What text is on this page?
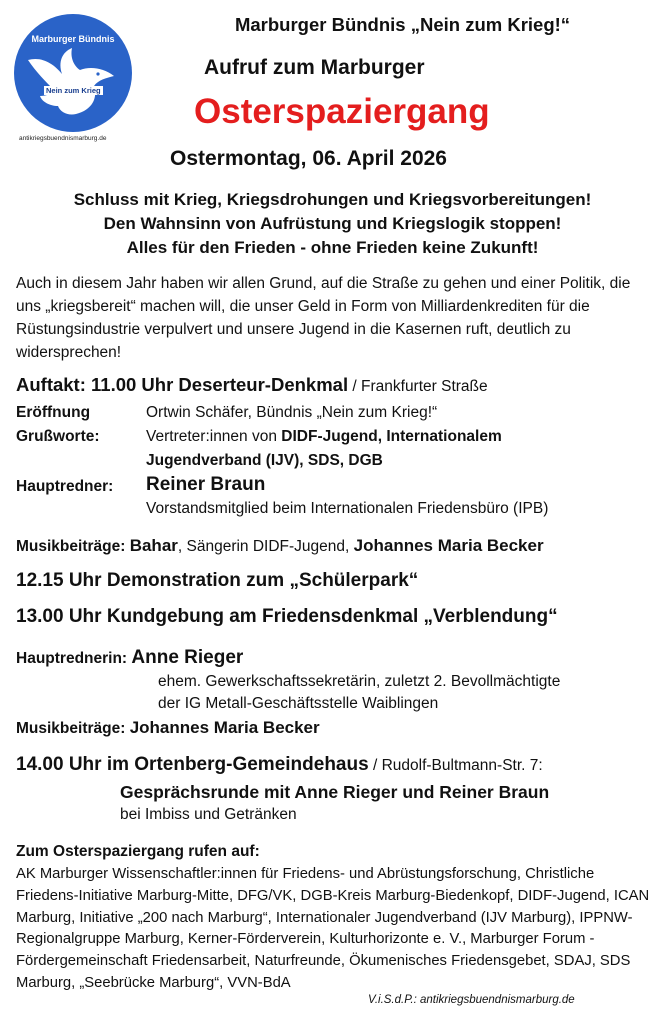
Marburger Bündnis
Nein zum Krieg
antikriegsbuendnismarburg.de
Marburger Bündnis „Nein zum Krieg!“
Aufruf zum Marburger
Osterspaziergang
Ostermontag, 06. April 2026
Schluss mit Krieg, Kriegsdrohungen und Kriegsvorbereitungen!
Den Wahnsinn von Aufrüstung und Kriegslogik stoppen!
Alles für den Frieden - ohne Frieden keine Zukunft!
Auch in diesem Jahr haben wir allen Grund, auf die Straße zu gehen und einer Politik, die uns „kriegsbereit“ machen will, die unser Geld in Form von Milliardenkrediten für die Rüstungsindustrie verpulvert und unsere Jugend in die Kasernen ruft, deutlich zu widersprechen!
Auftakt: 11.00 Uhr Deserteur-Denkmal / Frankfurter Straße
Eröffnung	Ortwin Schäfer, Bündnis „Nein zum Krieg!“
Grußworte:	Vertreter:innen von DIDF-Jugend, Internationalem
Jugendverband (IJV), SDS, DGB
Hauptredner: Reiner Braun
Vorstandsmitglied beim Internationalen Friedensbüro (IPB)
Musikbeiträge: Bahar, Sängerin DIDF-Jugend, Johannes Maria Becker
12.15 Uhr Demonstration zum „Schülerpark“
13.00 Uhr Kundgebung am Friedensdenkmal „Verblendung“
Hauptrednerin: Anne Rieger
ehem. Gewerkschaftssekretärin, zuletzt 2. Bevollmächtigte
der IG Metall-Geschäftsstelle Waiblingen
Musikbeiträge: Johannes Maria Becker
14.00 Uhr im Ortenberg-Gemeindehaus / Rudolf-Bultmann-Str. 7:
Gesprächsrunde mit Anne Rieger und Reiner Braun
bei Imbiss und Getränken
Zum Osterspaziergang rufen auf:
AK Marburger Wissenschaftler:innen für Friedens- und Abrüstungsforschung, Christliche Friedens-Initiative Marburg-Mitte, DFG/VK, DGB-Kreis Marburg-Biedenkopf, DIDF-Jugend, ICAN Marburg, Initiative „200 nach Marburg“, Internationaler Jugendverband (IJV Marburg), IPPNW-Regionalgruppe Marburg, Kerner-Förderverein, Kulturhorizonte e. V., Marburger Forum - Fördergemeinschaft Friedensarbeit, Naturfreunde, Ökumenisches Friedensgebet, SDAJ, SDS Marburg, „Seebrücke Marburg“, VVN-BdA
V.i.S.d.P.: antikriegsbuendnismarburg.de
